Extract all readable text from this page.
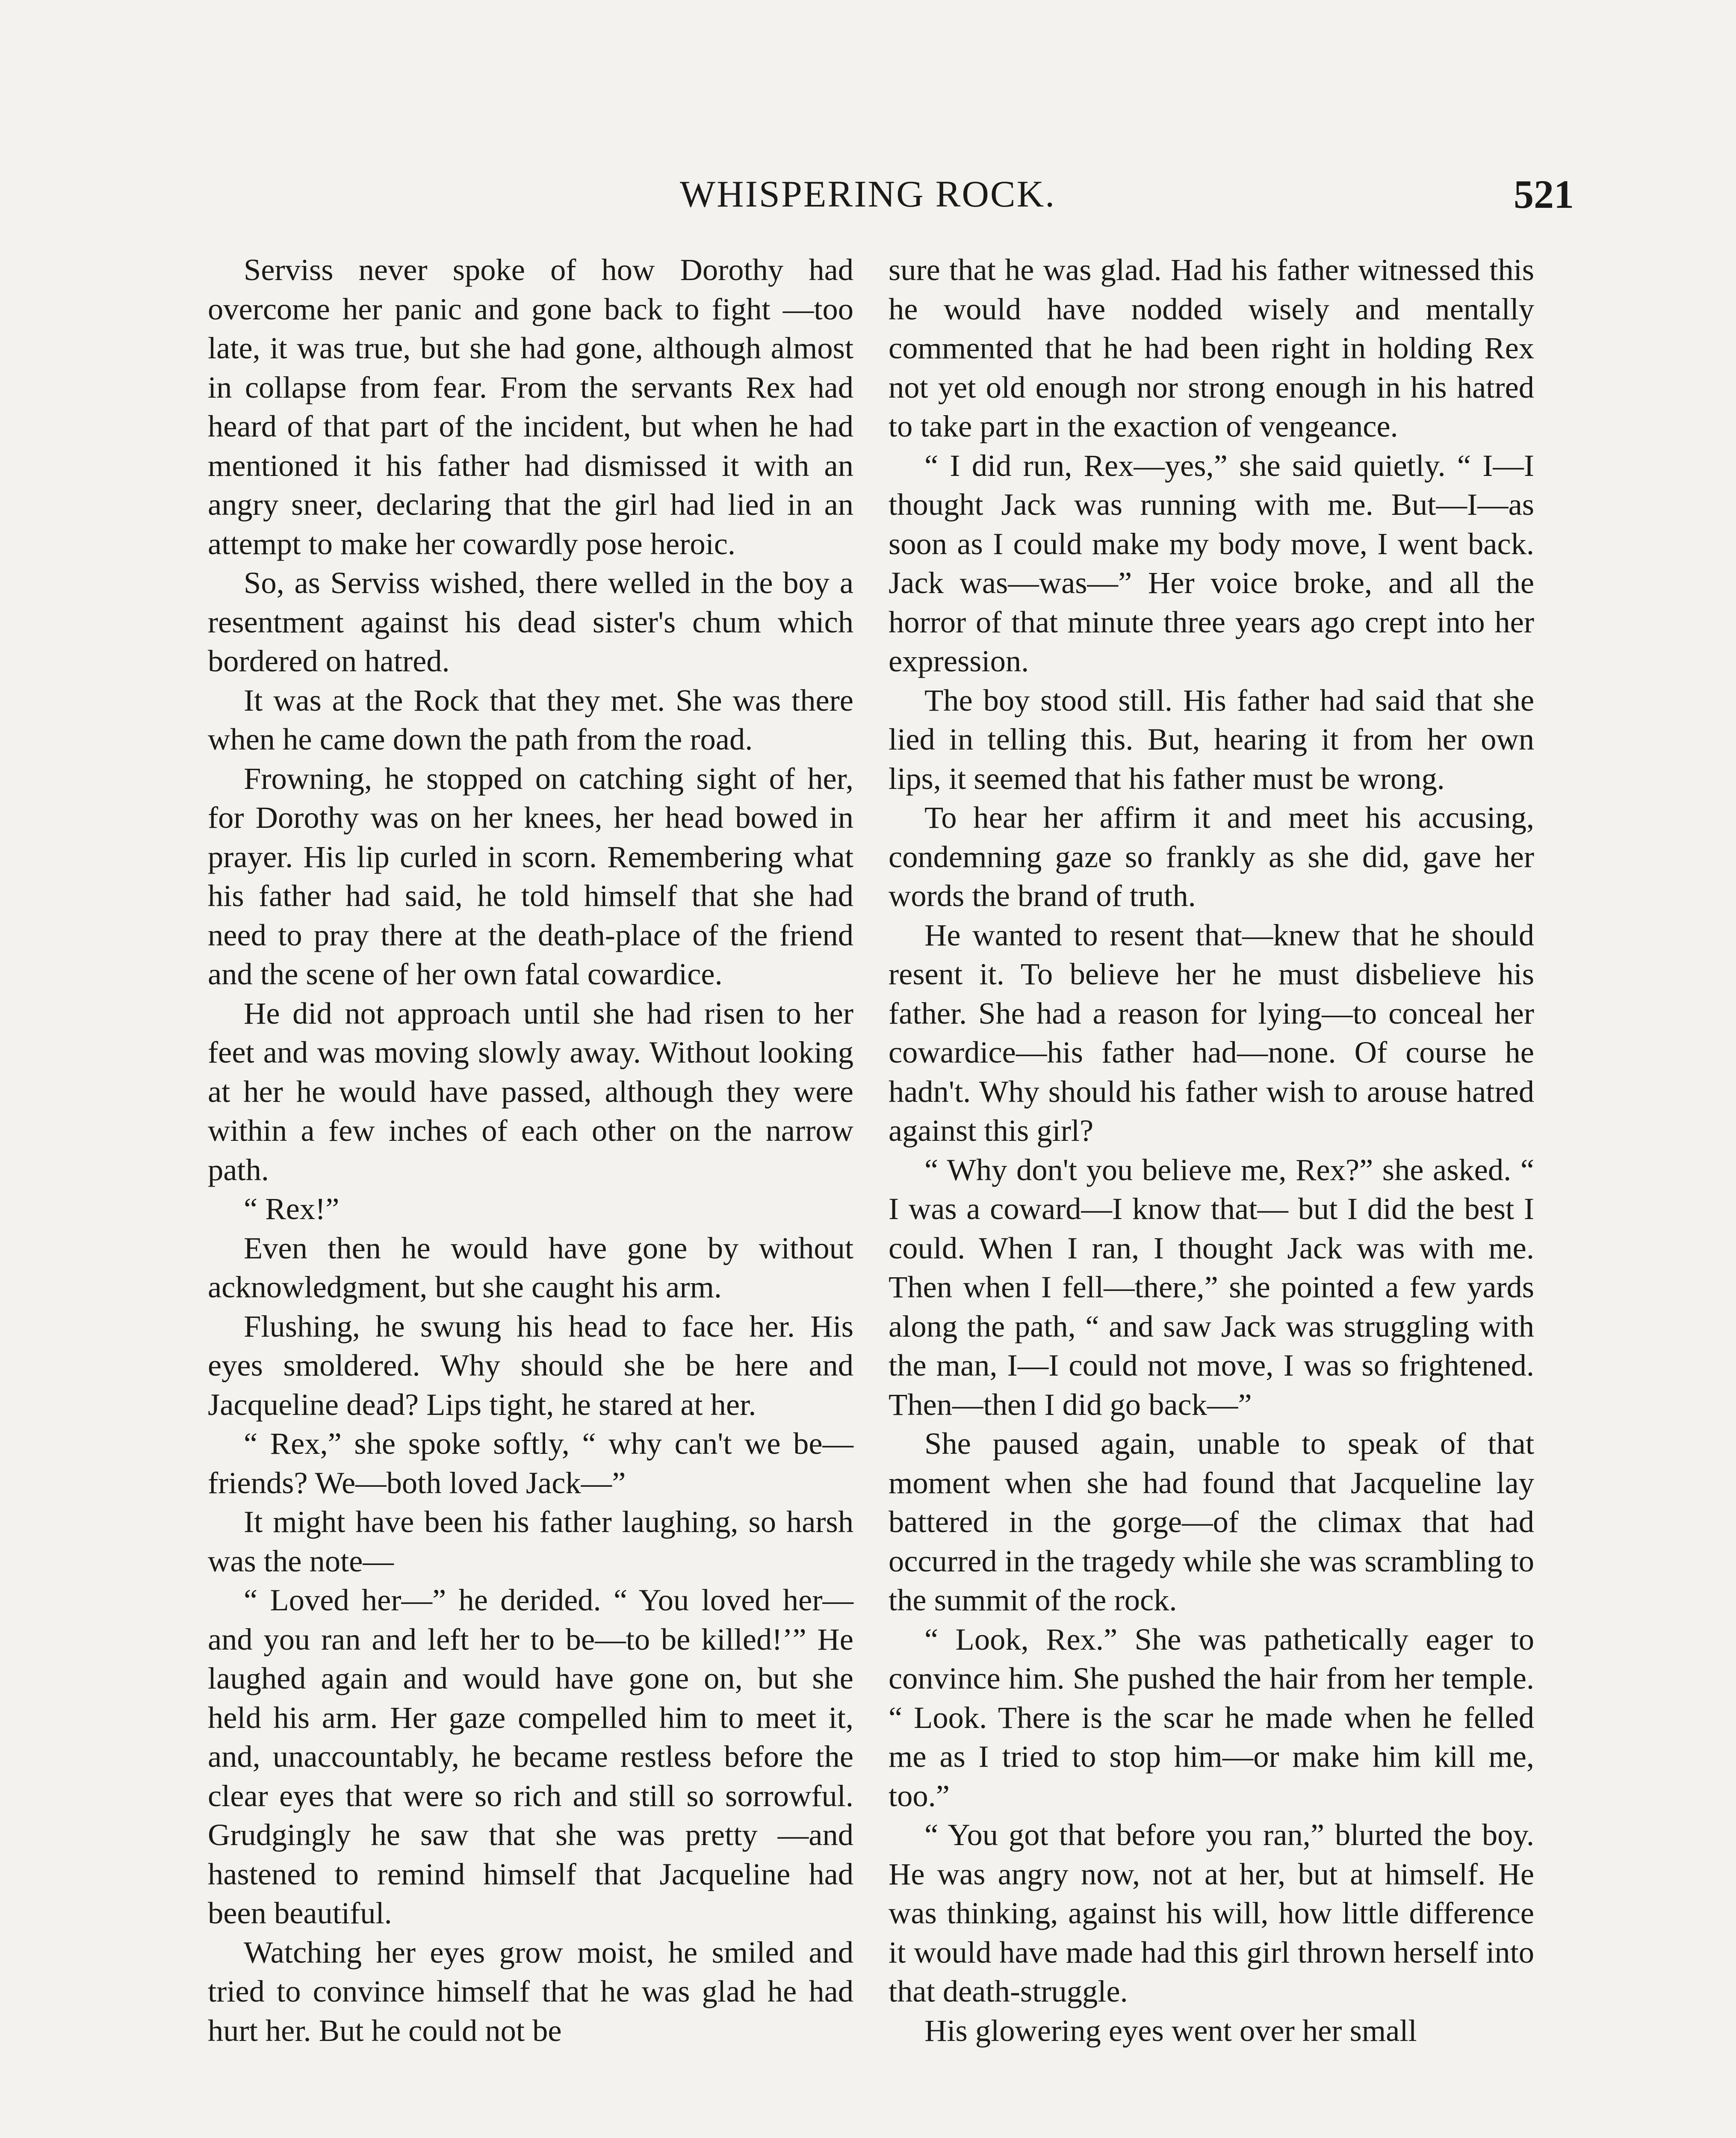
WHISPERING ROCK.	521

Serviss never spoke of how Dorothy had overcome her panic and gone back to fight —too late, it was true, but she had gone, although almost in collapse from fear. From the servants Rex had heard of that part of the incident, but when he had mentioned it his father had dismissed it with an angry sneer, declaring that the girl had lied in an attempt to make her cowardly pose heroic.

So, as Serviss wished, there welled in the boy a resentment against his dead sister's chum which bordered on hatred.

It was at the Rock that they met. She was there when he came down the path from the road.

Frowning, he stopped on catching sight of her, for Dorothy was on her knees, her head bowed in prayer. His lip curled in scorn. Remembering what his father had said, he told himself that she had need to pray there at the death-place of the friend and the scene of her own fatal cowardice.

He did not approach until she had risen to her feet and was moving slowly away. Without looking at her he would have passed, although they were within a few inches of each other on the narrow path.

“ Rex!”

Even then he would have gone by without acknowledgment, but she caught his arm.

Flushing, he swung his head to face her. His eyes smoldered. Why should she be here and Jacqueline dead? Lips tight, he stared at her.

“ Rex,” she spoke softly, “ why can't we be—friends? We—both loved Jack—”

It might have been his father laughing, so harsh was the note—

“ Loved her—” he derided. “ You loved her—and you ran and left her to be—to be killed!’” He laughed again and would have gone on, but she held his arm. Her gaze compelled him to meet it, and, unaccountably, he became restless before the clear eyes that were so rich and still so sorrowful. Grudgingly he saw that she was pretty —and hastened to remind himself that Jacqueline had been beautiful.

Watching her eyes grow moist, he smiled and tried to convince himself that he was glad he had hurt her. But he could not be

sure that he was glad. Had his father witnessed this he would have nodded wisely and mentally commented that he had been right in holding Rex not yet old enough nor strong enough in his hatred to take part in the exaction of vengeance.

“ I did run, Rex—yes,” she said quietly. “ I—I thought Jack was running with me. But—I—as soon as I could make my body move, I went back. Jack was—was—” Her voice broke, and all the horror of that minute three years ago crept into her expression.

The boy stood still. His father had said that she lied in telling this. But, hearing it from her own lips, it seemed that his father must be wrong.

To hear her affirm it and meet his accusing, condemning gaze so frankly as she did, gave her words the brand of truth.

He wanted to resent that—knew that he should resent it. To believe her he must disbelieve his father. She had a reason for lying—to conceal her cowardice—his father had—none. Of course he hadn't. Why should his father wish to arouse hatred against this girl?

“ Why don't you believe me, Rex?” she asked. “ I was a coward—I know that— but I did the best I could. When I ran, I thought Jack was with me. Then when I fell—there,” she pointed a few yards along the path, “ and saw Jack was struggling with the man, I—I could not move, I was so frightened. Then—then I did go back—”

She paused again, unable to speak of that moment when she had found that Jacqueline lay battered in the gorge—of the climax that had occurred in the tragedy while she was scrambling to the summit of the rock.

“ Look, Rex.” She was pathetically eager to convince him. She pushed the hair from her temple. “ Look. There is the scar he made when he felled me as I tried to stop him—or make him kill me, too.”

“ You got that before you ran,” blurted the boy. He was angry now, not at her, but at himself. He was thinking, against his will, how little difference it would have made had this girl thrown herself into that death-struggle.

His glowering eyes went over her small
